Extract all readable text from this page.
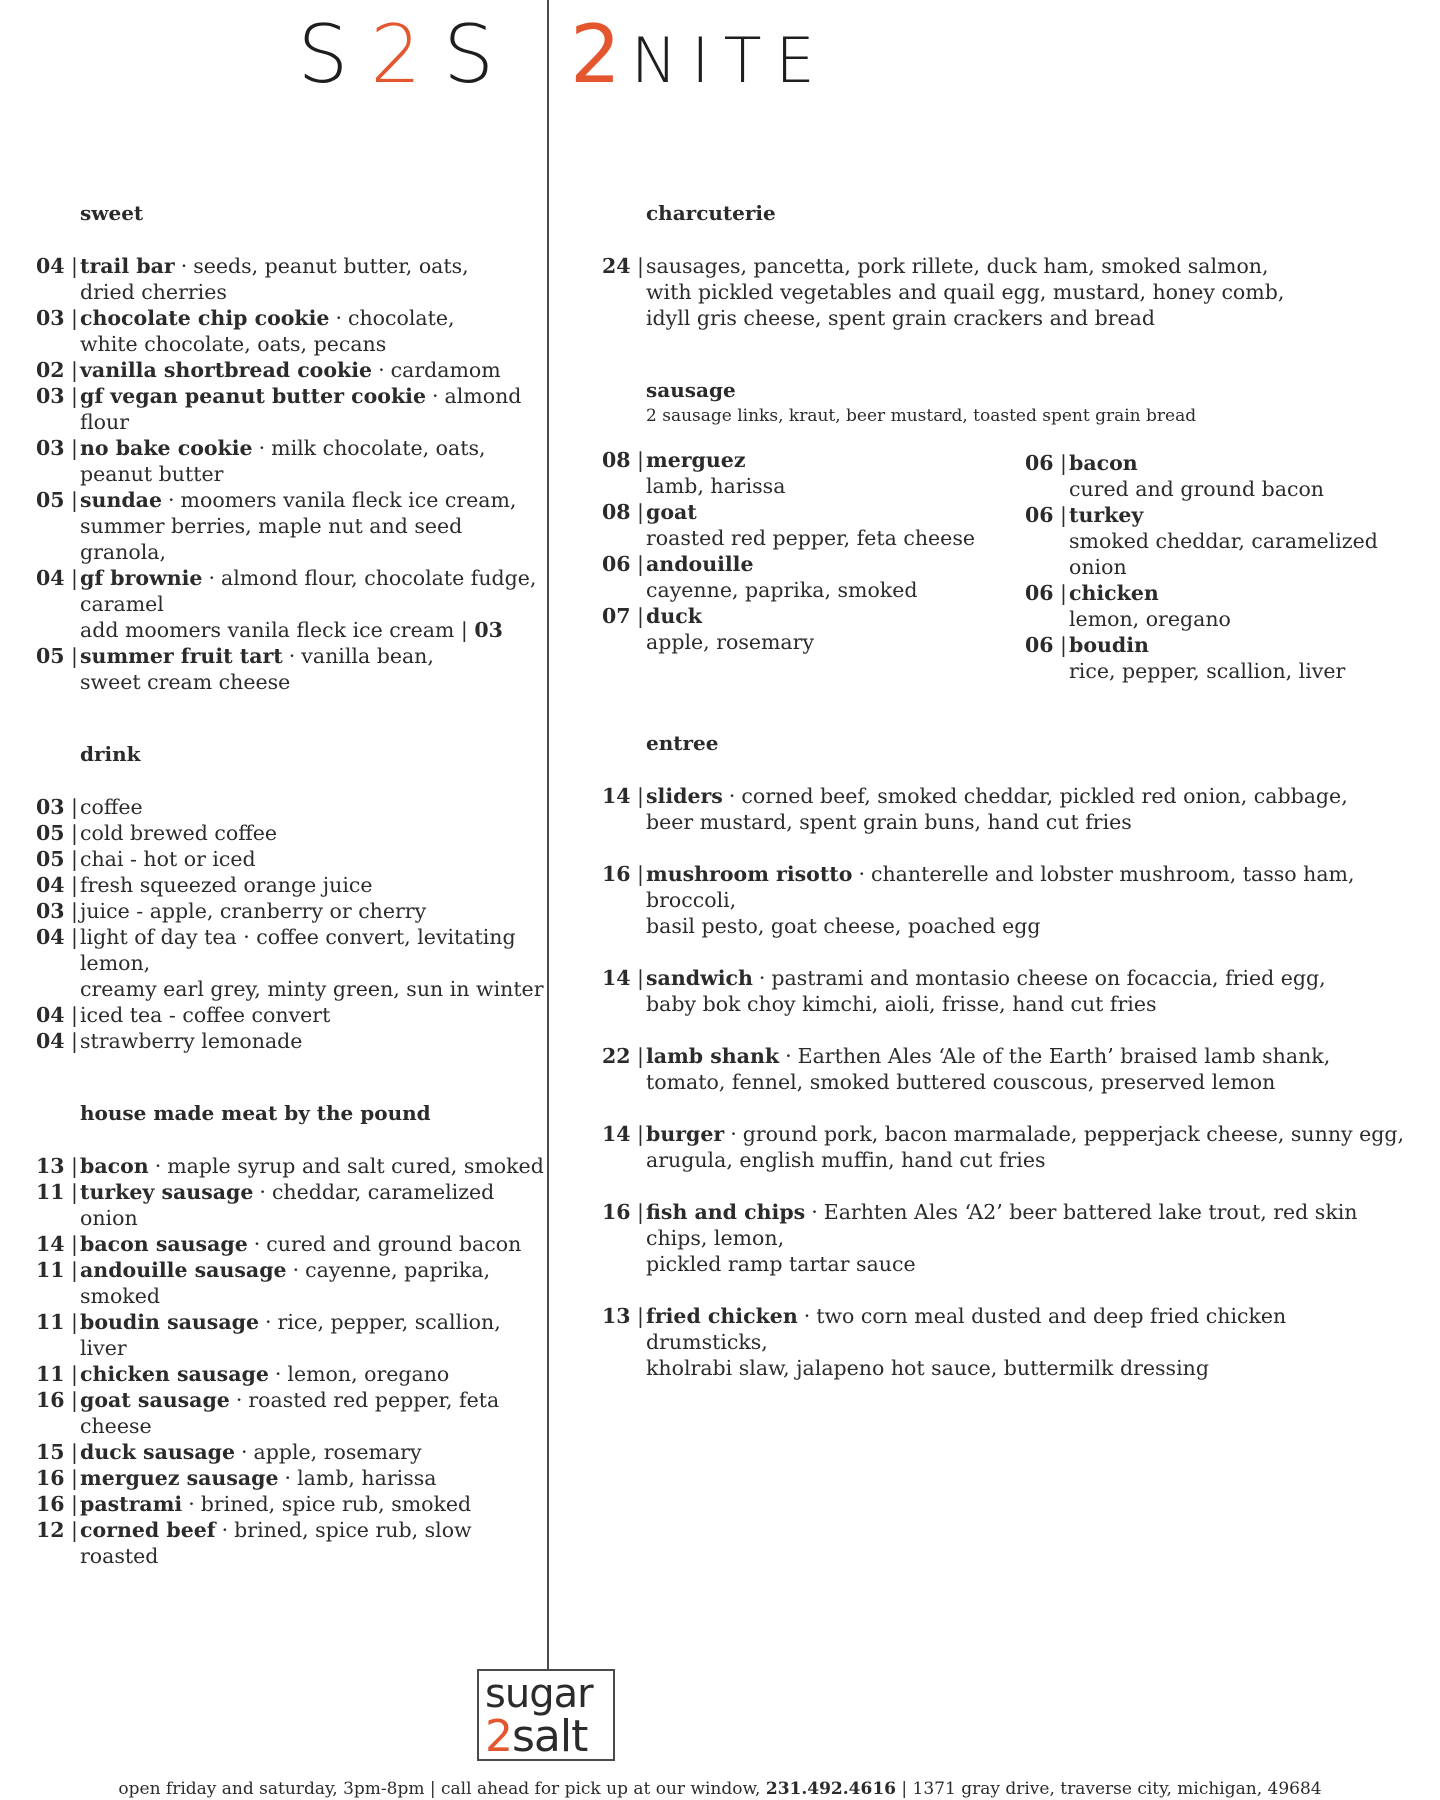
S2S 2NITE
sweet
04 | trail bar · seeds, peanut butter, oats,
dried cherries
03 | chocolate chip cookie · chocolate,
white chocolate, oats, pecans
02 | vanilla shortbread cookie · cardamom
03 | gf vegan peanut butter cookie · almond flour
03 | no bake cookie · milk chocolate, oats,
peanut butter
05 | sundae · moomers vanila fleck ice cream,
summer berries, maple nut and seed granola,
04 | gf brownie · almond flour, chocolate fudge,
caramel
add moomers vanila fleck ice cream | 03
05 | summer fruit tart · vanilla bean,
sweet cream cheese
drink
03 | coffee
05 | cold brewed coffee
05 | chai - hot or iced
04 | fresh squeezed orange juice
03 | juice - apple, cranberry or cherry
04 | light of day tea · coffee convert, levitating lemon,
creamy earl grey, minty green, sun in winter
04 | iced tea - coffee convert
04 | strawberry lemonade
house made meat by the pound
13 | bacon · maple syrup and salt cured, smoked
11 | turkey sausage · cheddar, caramelized onion
14 | bacon sausage · cured and ground bacon
11 | andouille sausage · cayenne, paprika, smoked
11 | boudin sausage · rice, pepper, scallion, liver
11 | chicken sausage · lemon, oregano
16 | goat sausage · roasted red pepper, feta cheese
15 | duck sausage · apple, rosemary
16 | merguez sausage · lamb, harissa
16 | pastrami · brined, spice rub, smoked
12 | corned beef · brined, spice rub, slow roasted
charcuterie
24 | sausages, pancetta, pork rillete, duck ham, smoked salmon,
with pickled vegetables and quail egg, mustard, honey comb,
idyll gris cheese, spent grain crackers and bread
sausage
2 sausage links, kraut, beer mustard, toasted spent grain bread
08 | merguez
lamb, harissa
08 | goat
roasted red pepper, feta cheese
06 | andouille
cayenne, paprika, smoked
07 | duck
apple, rosemary
06 | bacon
cured and ground bacon
06 | turkey
smoked cheddar, caramelized onion
06 | chicken
lemon, oregano
06 | boudin
rice, pepper, scallion, liver
entree
14 | sliders · corned beef, smoked cheddar, pickled red onion, cabbage,
beer mustard, spent grain buns, hand cut fries
16 | mushroom risotto · chanterelle and lobster mushroom, tasso ham, broccoli,
basil pesto, goat cheese, poached egg
14 | sandwich · pastrami and montasio cheese on focaccia, fried egg,
baby bok choy kimchi, aioli, frisse, hand cut fries
22 | lamb shank · Earthen Ales ‘Ale of the Earth’ braised lamb shank,
tomato, fennel, smoked buttered couscous, preserved lemon
14 | burger · ground pork, bacon marmalade, pepperjack cheese, sunny egg,
arugula, english muffin, hand cut fries
16 | fish and chips · Earhten Ales ‘A2’ beer battered lake trout, red skin chips, lemon,
pickled ramp tartar sauce
13 | fried chicken · two corn meal dusted and deep fried chicken drumsticks,
kholrabi slaw, jalapeno hot sauce, buttermilk dressing
sugar
2salt
open friday and saturday, 3pm-8pm | call ahead for pick up at our window, 231.492.4616 | 1371 gray drive, traverse city, michigan, 49684
